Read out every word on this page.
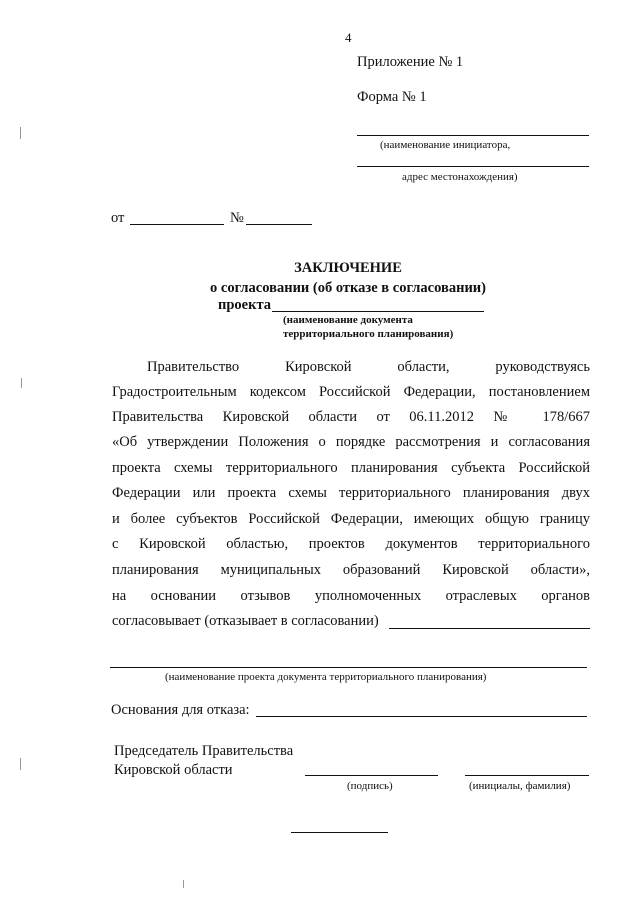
4
Приложение № 1
Форма № 1
(наименование инициатора,
адрес местонахождения)
от	№
ЗАКЛЮЧЕНИЕ
о согласовании (об отказе в согласовании)
проекта
(наименование документа
территориального планирования)
Правительство Кировской области, руководствуясь
Градостроительным кодексом Российской Федерации, постановлением
Правительства Кировской области от 06.11.2012 № 178/667
«Об утверждении Положения о порядке рассмотрения и согласования
проекта схемы территориального планирования субъекта Российской
Федерации или проекта схемы территориального планирования двух
и более субъектов Российской Федерации, имеющих общую границу
с Кировской областью, проектов документов территориального
планирования муниципальных образований Кировской области»,
на основании отзывов уполномоченных отраслевых органов
согласовывает (отказывает в согласовании)
(наименование проекта документа территориального планирования)
Основания для отказа:
Председатель Правительства
Кировской области
(подпись)	(инициалы, фамилия)
